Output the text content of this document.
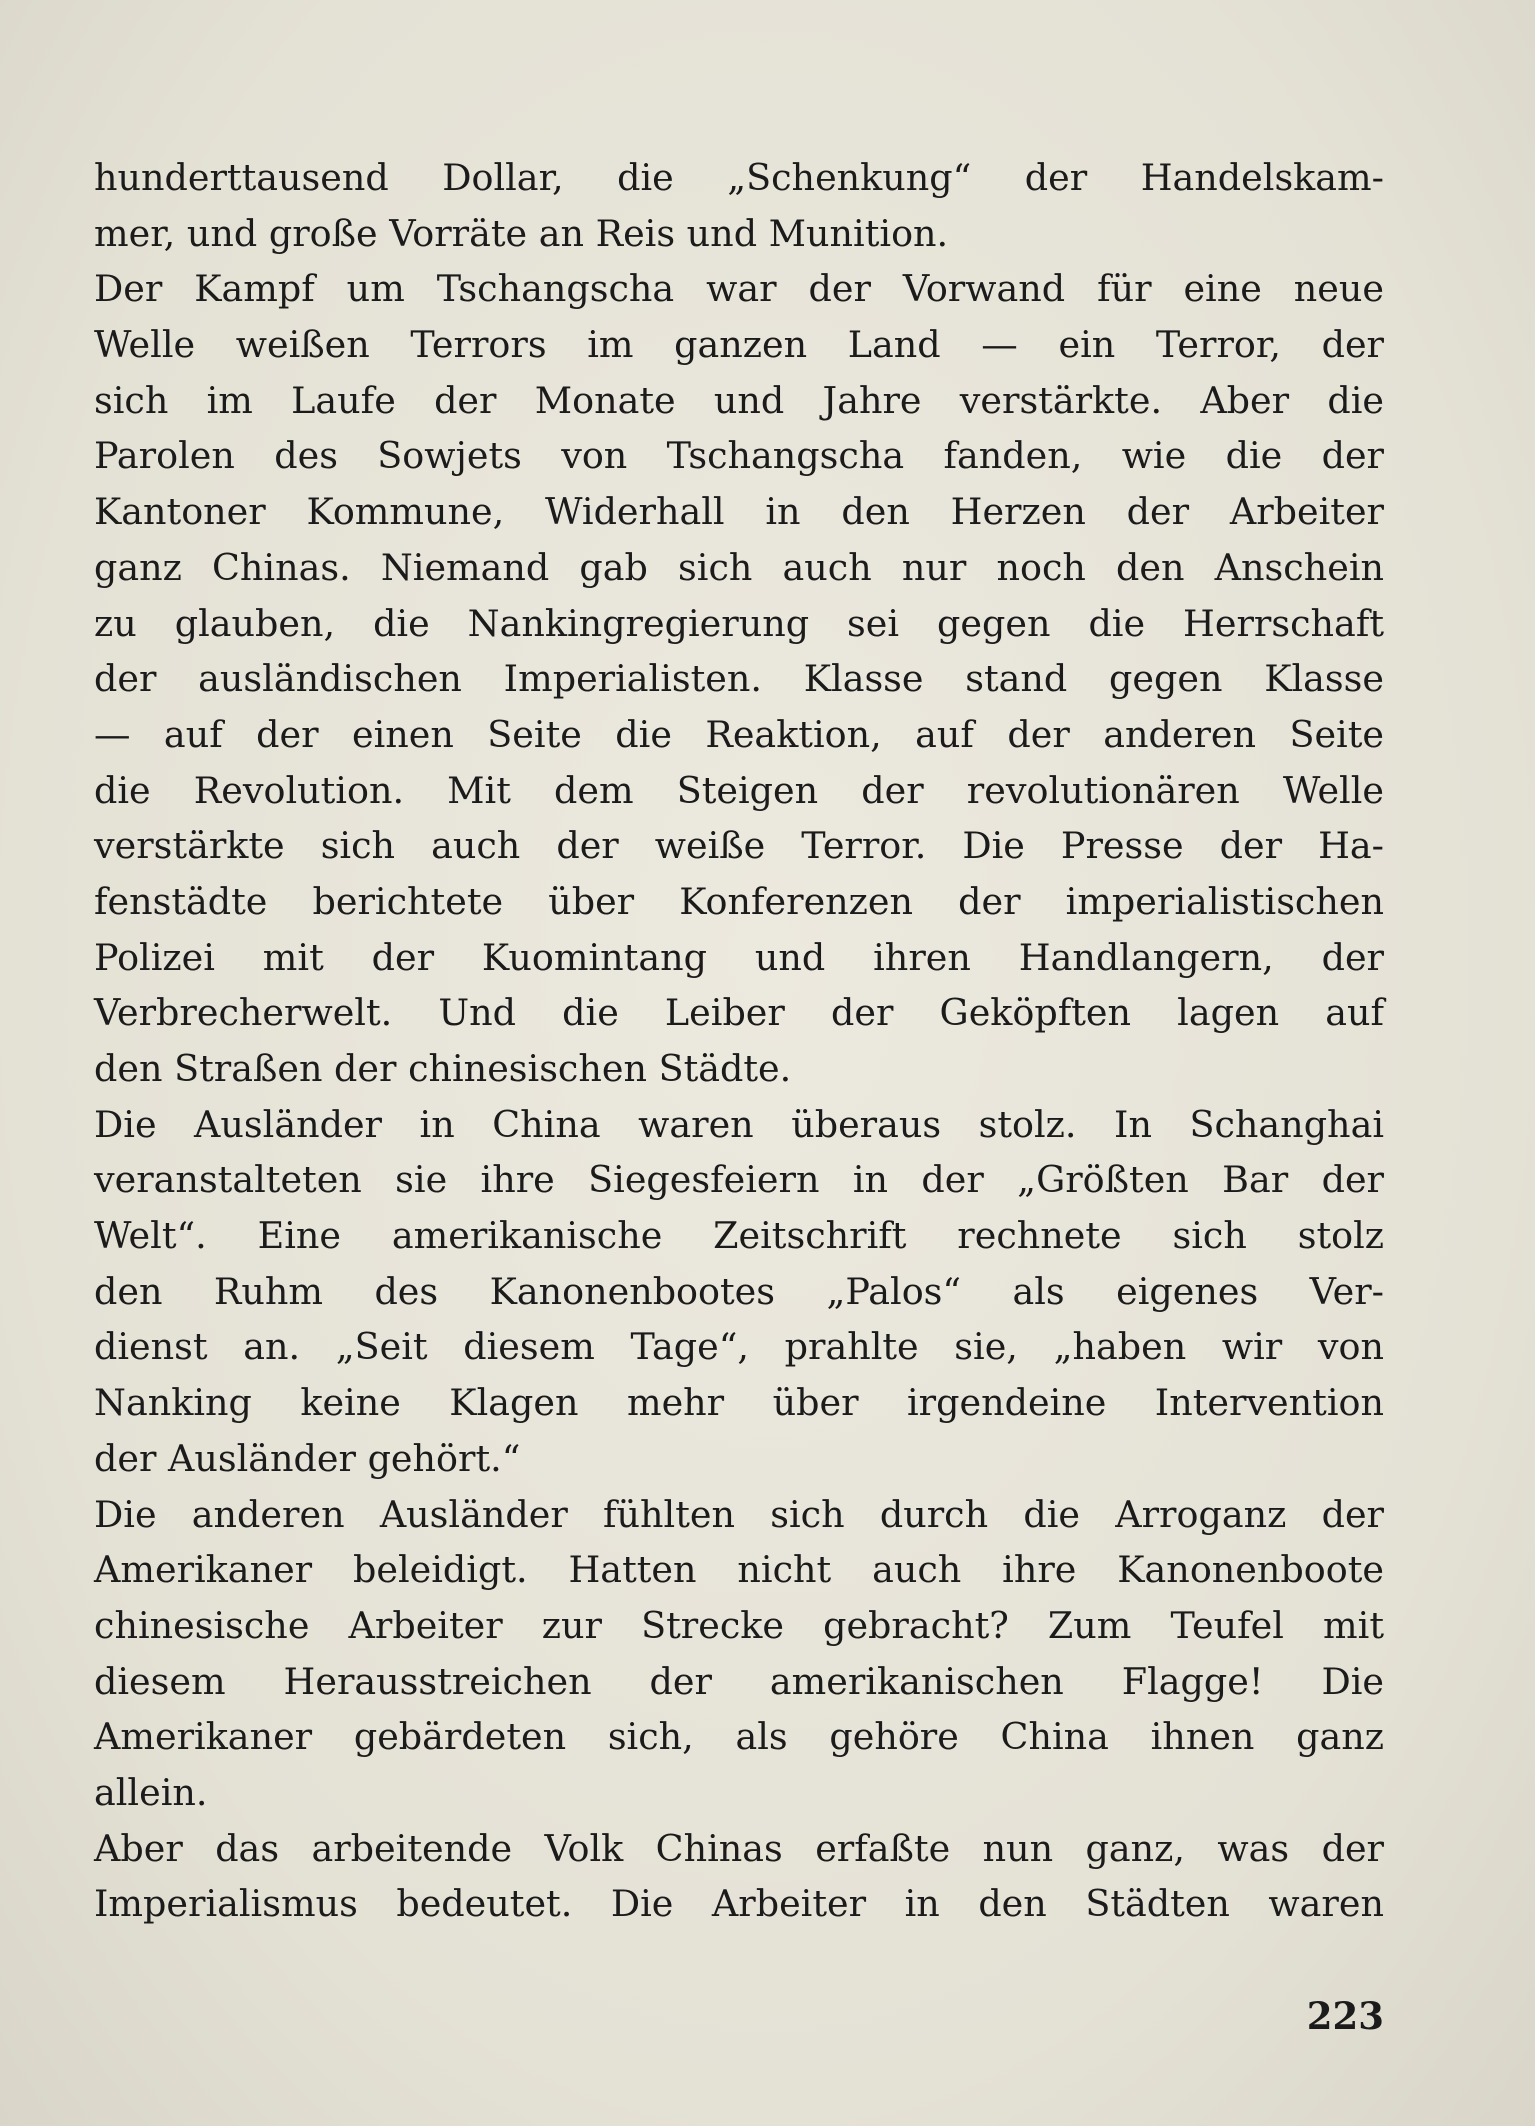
hunderttausend Dollar, die „Schenkung“ der Handelskam-
mer, und große Vorräte an Reis und Munition.
Der Kampf um Tschangscha war der Vorwand für eine neue
Welle weißen Terrors im ganzen Land — ein Terror, der
sich im Laufe der Monate und Jahre verstärkte. Aber die
Parolen des Sowjets von Tschangscha fanden, wie die der
Kantoner Kommune, Widerhall in den Herzen der Arbeiter
ganz Chinas. Niemand gab sich auch nur noch den Anschein
zu glauben, die Nankingregierung sei gegen die Herrschaft
der ausländischen Imperialisten. Klasse stand gegen Klasse
— auf der einen Seite die Reaktion, auf der anderen Seite
die Revolution. Mit dem Steigen der revolutionären Welle
verstärkte sich auch der weiße Terror. Die Presse der Ha-
fenstädte berichtete über Konferenzen der imperialistischen
Polizei mit der Kuomintang und ihren Handlangern, der
Verbrecherwelt. Und die Leiber der Geköpften lagen auf
den Straßen der chinesischen Städte.
Die Ausländer in China waren überaus stolz. In Schanghai
veranstalteten sie ihre Siegesfeiern in der „Größten Bar der
Welt“. Eine amerikanische Zeitschrift rechnete sich stolz
den Ruhm des Kanonenbootes „Palos“ als eigenes Ver-
dienst an. „Seit diesem Tage“, prahlte sie, „haben wir von
Nanking keine Klagen mehr über irgendeine Intervention
der Ausländer gehört.“
Die anderen Ausländer fühlten sich durch die Arroganz der
Amerikaner beleidigt. Hatten nicht auch ihre Kanonenboote
chinesische Arbeiter zur Strecke gebracht? Zum Teufel mit
diesem Herausstreichen der amerikanischen Flagge! Die
Amerikaner gebärdeten sich, als gehöre China ihnen ganz
allein.
Aber das arbeitende Volk Chinas erfaßte nun ganz, was der
Imperialismus bedeutet. Die Arbeiter in den Städten waren
223
